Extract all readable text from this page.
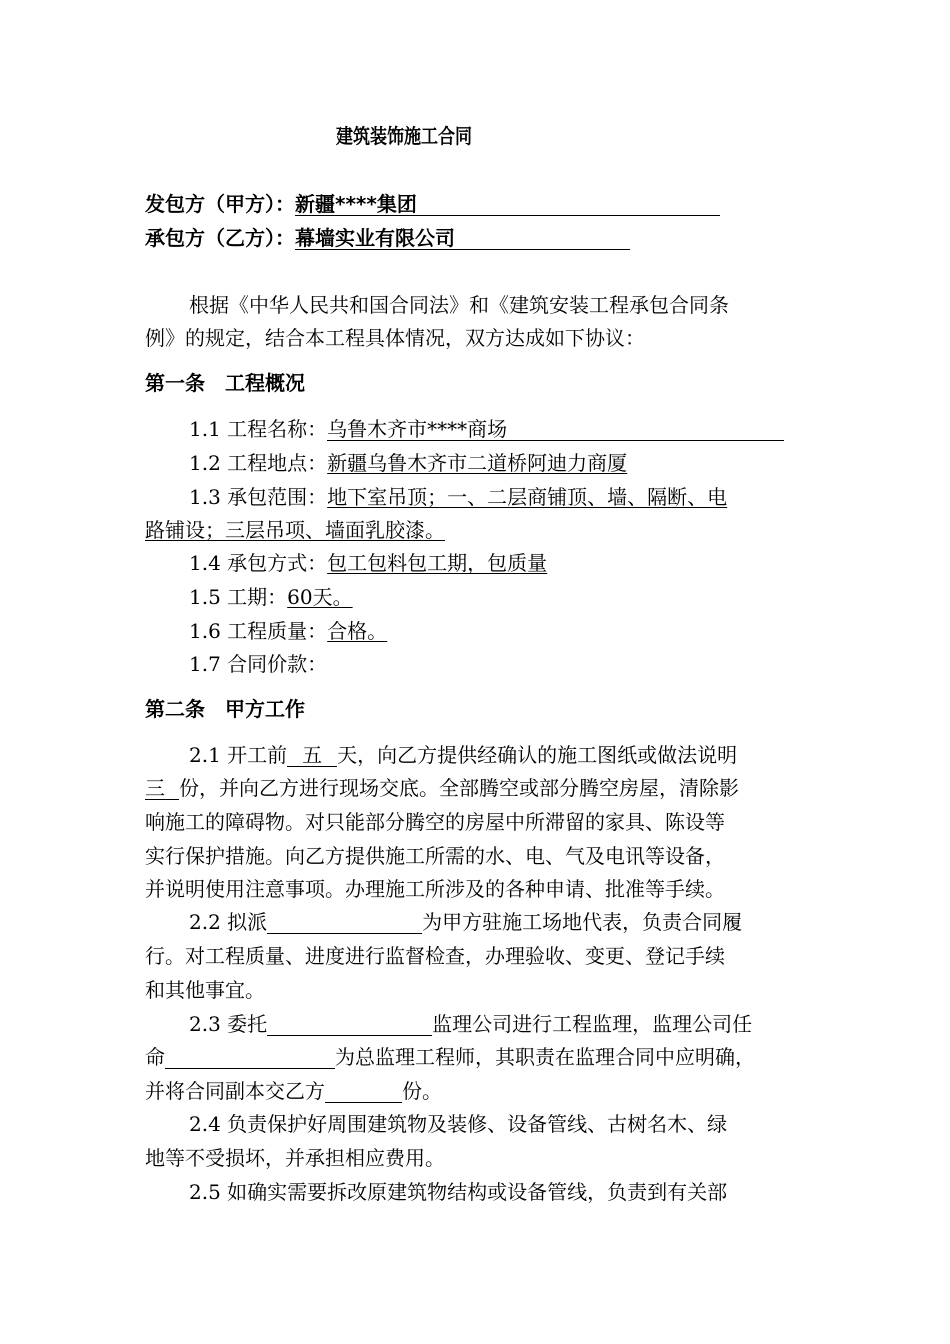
建筑装饰施工合同
发包方（甲方）：新疆****集团
承包方（乙方）：幕墙实业有限公司
根据《中华人民共和国合同法》和《建筑安装工程承包合同条
例》的规定，结合本工程具体情况，双方达成如下协议：
第一条　工程概况
1.1 工程名称：乌鲁木齐市****商场
1.2 工程地点：新疆乌鲁木齐市二道桥阿迪力商厦
1.3 承包范围：地下室吊顶；一、二层商铺顶、墙、隔断、电
路铺设；三层吊项、墙面乳胶漆。
1.4 承包方式：包工包料包工期，包质量
1.5 工期：60天。
1.6 工程质量：合格。
1.7 合同价款：
第二条　甲方工作
2.1 开工前 五 天，向乙方提供经确认的施工图纸或做法说明
三 份，并向乙方进行现场交底。全部腾空或部分腾空房屋，清除影
响施工的障碍物。对只能部分腾空的房屋中所滞留的家具、陈设等
实行保护措施。向乙方提供施工所需的水、电、气及电讯等设备，
并说明使用注意事项。办理施工所涉及的各种申请、批准等手续。
2.2 拟派	为甲方驻施工场地代表，负责合同履
行。对工程质量、进度进行监督检查，办理验收、变更、登记手续
和其他事宜。
2.3 委托	监理公司进行工程监理，监理公司任
命	为总监理工程师，其职责在监理合同中应明确，
并将合同副本交乙方	份。
2.4 负责保护好周围建筑物及装修、设备管线、古树名木、绿
地等不受损坏，并承担相应费用。
2.5 如确实需要拆改原建筑物结构或设备管线，负责到有关部
